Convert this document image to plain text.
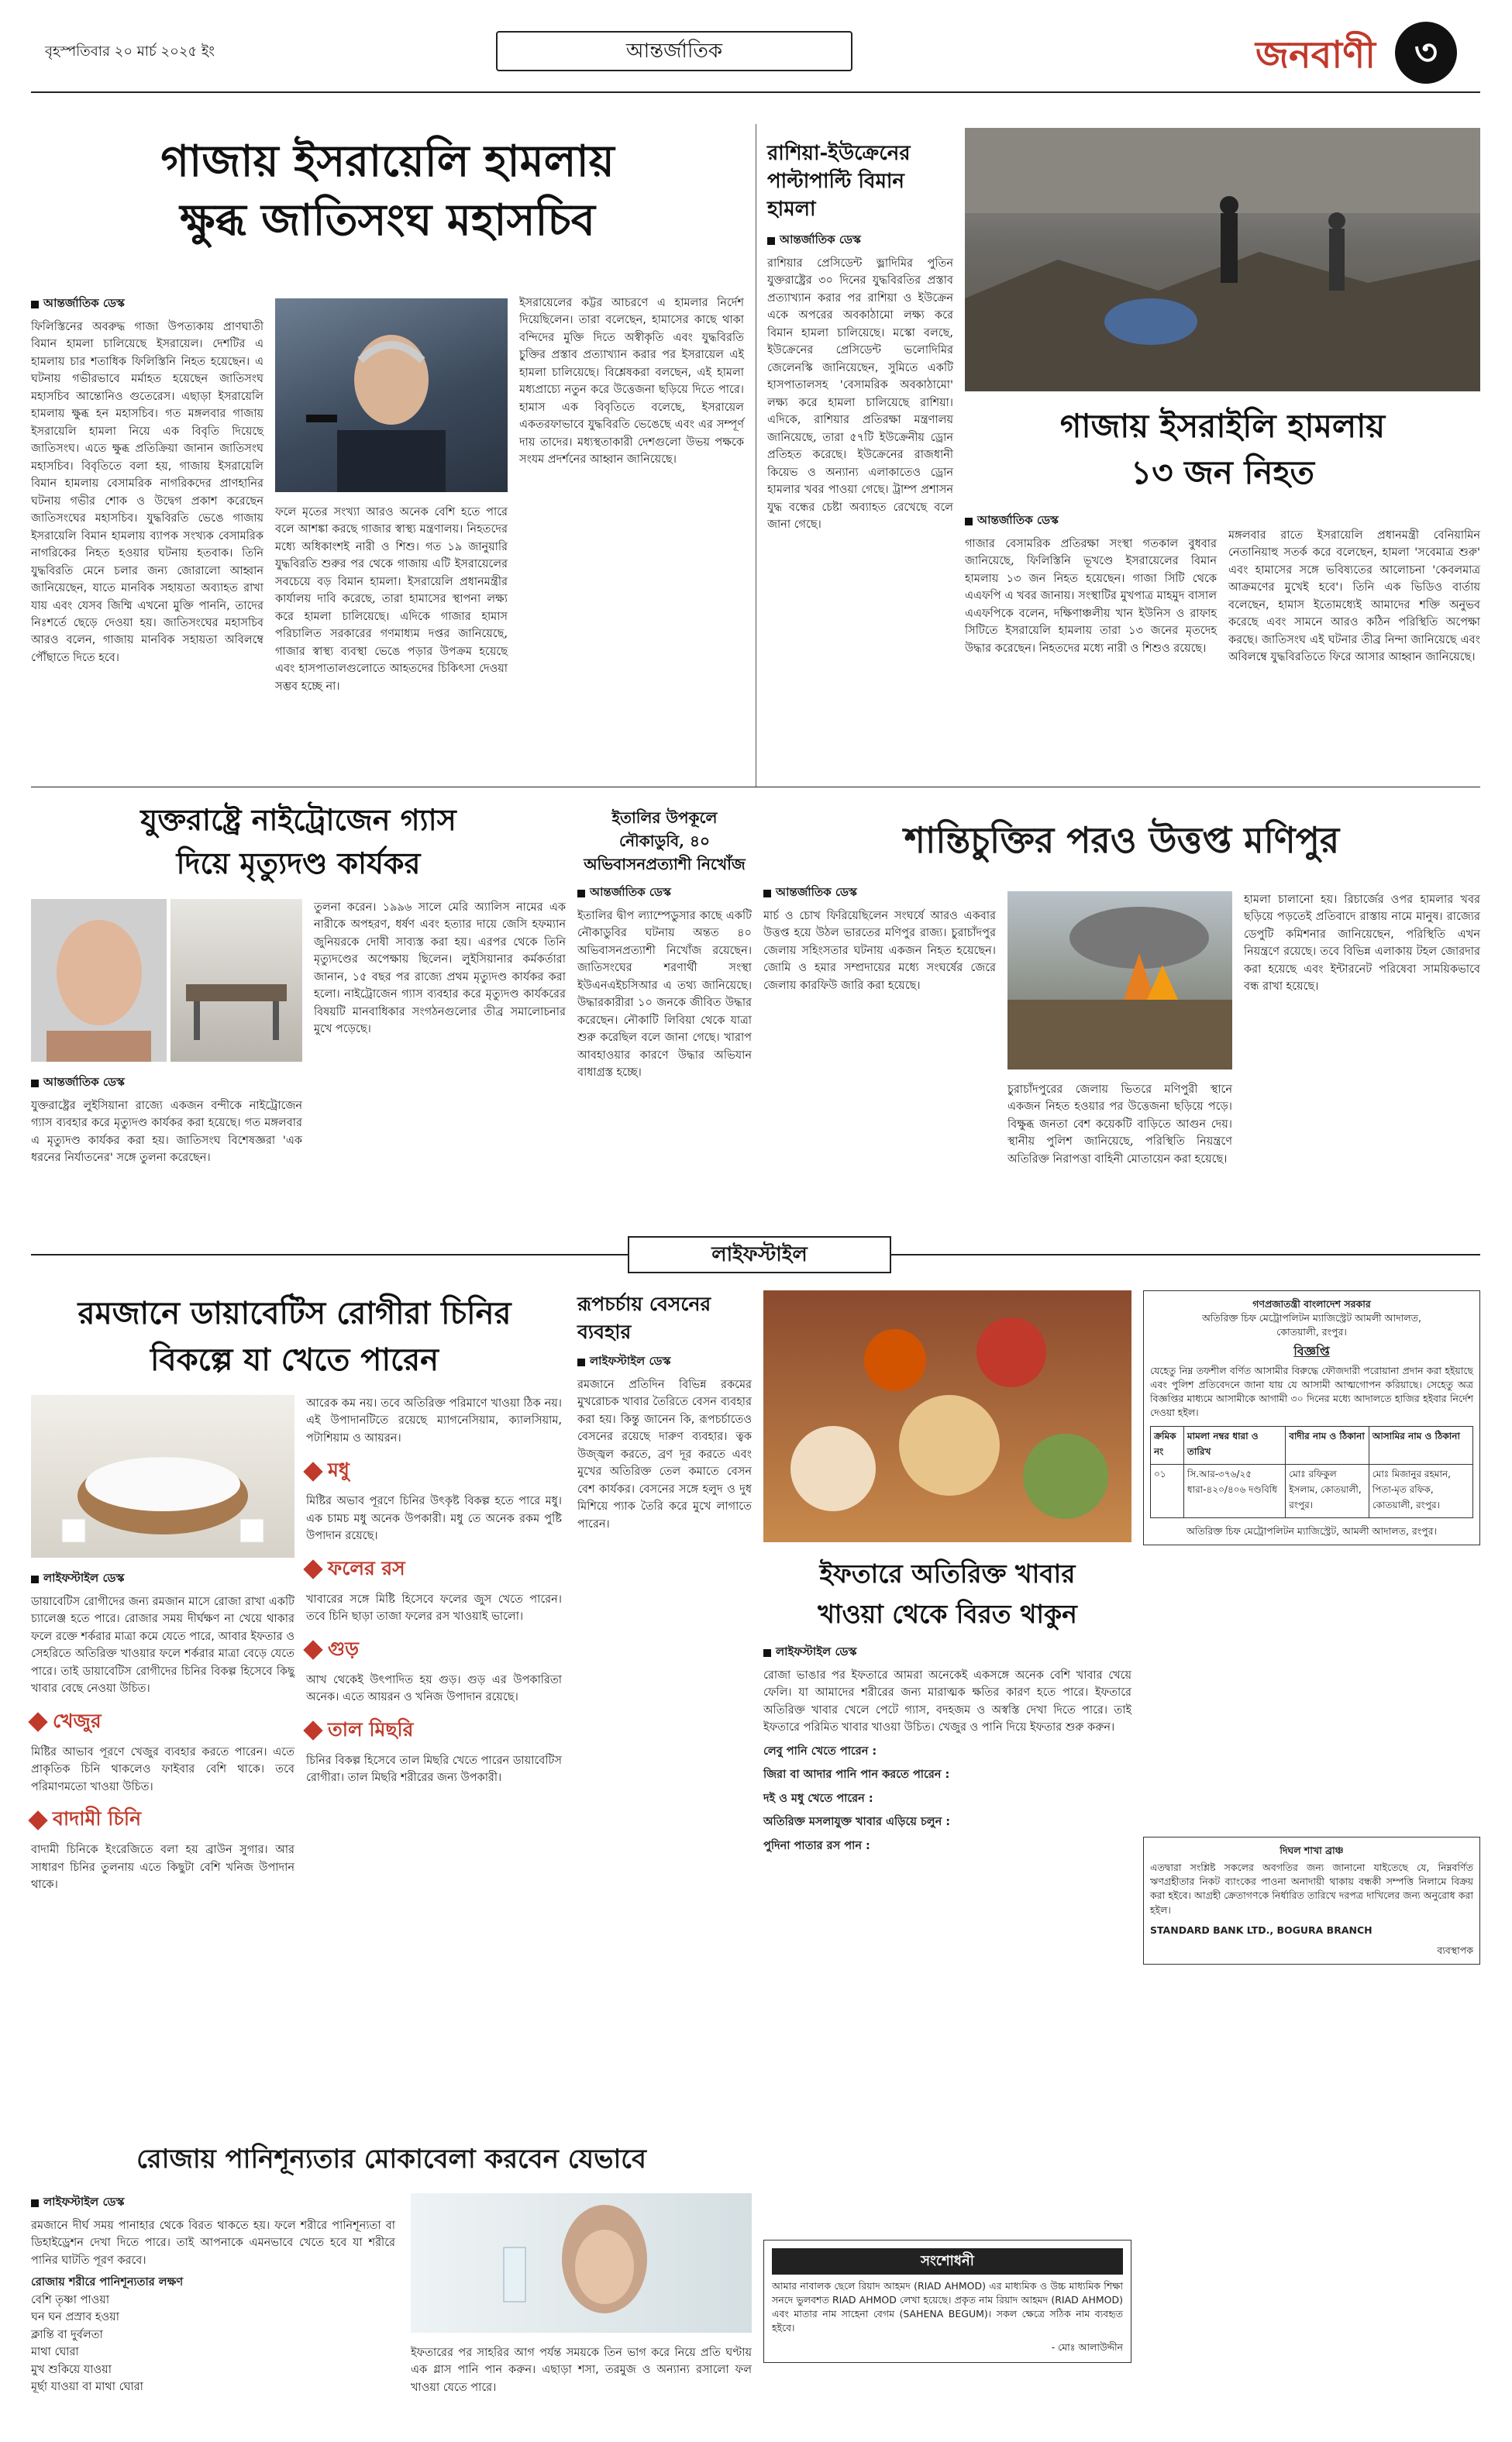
বৃহস্পতিবার ২০ মার্চ ২০২৫ ইং	আন্তর্জাতিক	জনবাণী	৩
গাজায় ইসরায়েলি হামলায়
ক্ষুব্ধ জাতিসংঘ মহাসচিব
আন্তর্জাতিক ডেস্ক
ফিলিস্তিনের অবরুদ্ধ গাজা উপত্যকায় প্রাণঘাতী বিমান হামলা চালিয়েছে ইসরায়েল। দেশটির এ হামলায় চার শতাধিক ফিলিস্তিনি নিহত হয়েছেন। এ ঘটনায় গভীরভাবে মর্মাহত হয়েছেন জাতিসংঘ মহাসচিব আন্তোনিও গুতেরেস। এছাড়া ইসরায়েলি হামলায় ক্ষুব্ধ হন মহাসচিব। গত মঙ্গলবার গাজায় ইসরায়েলি হামলা নিয়ে এক বিবৃতি দিয়েছে জাতিসংঘ। এতে ক্ষুব্ধ প্রতিক্রিয়া জানান জাতিসংঘ মহাসচিব। বিবৃতিতে বলা হয়, গাজায় ইসরায়েলি বিমান হামলায় বেসামরিক নাগরিকদের প্রাণহানির ঘটনায় গভীর শোক ও উদ্বেগ প্রকাশ করেছেন জাতিসংঘের মহাসচিব। যুদ্ধবিরতি ভেঙে গাজায় ইসরায়েলি বিমান হামলায় ব্যাপক সংখ্যক বেসামরিক নাগরিকের নিহত হওয়ার ঘটনায় হতবাক। তিনি যুদ্ধবিরতি মেনে চলার জন্য জোরালো আহ্বান জানিয়েছেন, যাতে মানবিক সহায়তা অব্যাহত রাখা যায় এবং যেসব জিম্মি এখনো মুক্তি পাননি, তাদের নিঃশর্তে ছেড়ে দেওয়া হয়। জাতিসংঘের মহাসচিব আরও বলেন, গাজায় মানবিক সহায়তা অবিলম্বে পৌঁছাতে দিতে হবে।
ফলে মৃতের সংখ্যা আরও অনেক বেশি হতে পারে বলে আশঙ্কা করছে গাজার স্বাস্থ্য মন্ত্রণালয়। নিহতদের মধ্যে অধিকাংশই নারী ও শিশু। গত ১৯ জানুয়ারি যুদ্ধবিরতি শুরুর পর থেকে গাজায় এটি ইসরায়েলের সবচেয়ে বড় বিমান হামলা। ইসরায়েলি প্রধানমন্ত্রীর কার্যালয় দাবি করেছে, তারা হামাসের স্থাপনা লক্ষ্য করে হামলা চালিয়েছে। এদিকে গাজার হামাস পরিচালিত সরকারের গণমাধ্যম দপ্তর জানিয়েছে, গাজার স্বাস্থ্য ব্যবস্থা ভেঙে পড়ার উপক্রম হয়েছে এবং হাসপাতালগুলোতে আহতদের চিকিৎসা দেওয়া সম্ভব হচ্ছে না।
ইসরায়েলের কট্টর আচরণে এ হামলার নির্দেশ দিয়েছিলেন। তারা বলেছেন, হামাসের কাছে থাকা বন্দিদের মুক্তি দিতে অস্বীকৃতি এবং যুদ্ধবিরতি চুক্তির প্রস্তাব প্রত্যাখ্যান করার পর ইসরায়েল এই হামলা চালিয়েছে। বিশ্লেষকরা বলছেন, এই হামলা মধ্যপ্রাচ্যে নতুন করে উত্তেজনা ছড়িয়ে দিতে পারে। হামাস এক বিবৃতিতে বলেছে, ইসরায়েল একতরফাভাবে যুদ্ধবিরতি ভেঙেছে এবং এর সম্পূর্ণ দায় তাদের। মধ্যস্থতাকারী দেশগুলো উভয় পক্ষকে সংযম প্রদর্শনের আহ্বান জানিয়েছে।
রাশিয়া-ইউক্রেনের পাল্টাপাল্টি বিমান হামলা
আন্তর্জাতিক ডেস্ক
রাশিয়ার প্রেসিডেন্ট ভ্লাদিমির পুতিন যুক্তরাষ্ট্রের ৩০ দিনের যুদ্ধবিরতির প্রস্তাব প্রত্যাখ্যান করার পর রাশিয়া ও ইউক্রেন একে অপরের অবকাঠামো লক্ষ্য করে বিমান হামলা চালিয়েছে। মস্কো বলছে, ইউক্রেনের প্রেসিডেন্ট ভলোদিমির জেলেনস্কি জানিয়েছেন, সুমিতে একটি হাসপাতালসহ 'বেসামরিক অবকাঠামো' লক্ষ্য করে হামলা চালিয়েছে রাশিয়া। এদিকে, রাশিয়ার প্রতিরক্ষা মন্ত্রণালয় জানিয়েছে, তারা ৫৭টি ইউক্রেনীয় ড্রোন প্রতিহত করেছে। ইউক্রেনের রাজধানী কিয়েভ ও অন্যান্য এলাকাতেও ড্রোন হামলার খবর পাওয়া গেছে। ট্রাম্প প্রশাসন যুদ্ধ বন্ধের চেষ্টা অব্যাহত রেখেছে বলে জানা গেছে।
গাজায় ইসরাইলি হামলায়
১৩ জন নিহত
আন্তর্জাতিক ডেস্ক
গাজার বেসামরিক প্রতিরক্ষা সংস্থা গতকাল বুধবার জানিয়েছে, ফিলিস্তিনি ভূখণ্ডে ইসরায়েলের বিমান হামলায় ১৩ জন নিহত হয়েছেন। গাজা সিটি থেকে এএফপি এ খবর জানায়। সংস্থাটির মুখপাত্র মাহমুদ বাসাল এএফপিকে বলেন, দক্ষিণাঞ্চলীয় খান ইউনিস ও রাফাহ সিটিতে ইসরায়েলি হামলায় তারা ১৩ জনের মৃতদেহ উদ্ধার করেছেন। নিহতদের মধ্যে নারী ও শিশুও রয়েছে।
মঙ্গলবার রাতে ইসরায়েলি প্রধানমন্ত্রী বেনিয়ামিন নেতানিয়াহু সতর্ক করে বলেছেন, হামলা 'সবেমাত্র শুরু' এবং হামাসের সঙ্গে ভবিষ্যতের আলোচনা 'কেবলমাত্র আক্রমণের মুখেই হবে'। তিনি এক ভিডিও বার্তায় বলেছেন, হামাস ইতোমধ্যেই আমাদের শক্তি অনুভব করেছে এবং সামনে আরও কঠিন পরিস্থিতি অপেক্ষা করছে। জাতিসংঘ এই ঘটনার তীব্র নিন্দা জানিয়েছে এবং অবিলম্বে যুদ্ধবিরতিতে ফিরে আসার আহ্বান জানিয়েছে।
যুক্তরাষ্ট্রে নাইট্রোজেন গ্যাস
দিয়ে মৃত্যুদণ্ড কার্যকর
আন্তর্জাতিক ডেস্ক
যুক্তরাষ্ট্রের লুইসিয়ানা রাজ্যে একজন বন্দীকে নাইট্রোজেন গ্যাস ব্যবহার করে মৃত্যুদণ্ড কার্যকর করা হয়েছে। গত মঙ্গলবার এ মৃত্যুদণ্ড কার্যকর করা হয়। জাতিসংঘ বিশেষজ্ঞরা 'এক ধরনের নির্যাতনের' সঙ্গে তুলনা করেছেন।
তুলনা করেন। ১৯৯৬ সালে মেরি অ্যালিস নামের এক নারীকে অপহরণ, ধর্ষণ এবং হত্যার দায়ে জেসি হফম্যান জুনিয়রকে দোষী সাব্যস্ত করা হয়। এরপর থেকে তিনি মৃত্যুদণ্ডের অপেক্ষায় ছিলেন। লুইসিয়ানার কর্মকর্তারা জানান, ১৫ বছর পর রাজ্যে প্রথম মৃত্যুদণ্ড কার্যকর করা হলো। নাইট্রোজেন গ্যাস ব্যবহার করে মৃত্যুদণ্ড কার্যকরের বিষয়টি মানবাধিকার সংগঠনগুলোর তীব্র সমালোচনার মুখে পড়েছে।
ইতালির উপকূলে নৌকাডুবি, ৪০ অভিবাসনপ্রত্যাশী নিখোঁজ
আন্তর্জাতিক ডেস্ক
ইতালির দ্বীপ ল্যাম্পেডুসার কাছে একটি নৌকাডুবির ঘটনায় অন্তত ৪০ অভিবাসনপ্রত্যাশী নিখোঁজ রয়েছেন। জাতিসংঘের শরণার্থী সংস্থা ইউএনএইচসিআর এ তথ্য জানিয়েছে। উদ্ধারকারীরা ১০ জনকে জীবিত উদ্ধার করেছেন। নৌকাটি লিবিয়া থেকে যাত্রা শুরু করেছিল বলে জানা গেছে। খারাপ আবহাওয়ার কারণে উদ্ধার অভিযান বাধাগ্রস্ত হচ্ছে।
শান্তিচুক্তির পরও উত্তপ্ত মণিপুর
আন্তর্জাতিক ডেস্ক
মার্চ ও চোখ ফিরিয়েছিলেন সংঘর্ষে আরও একবার উত্তপ্ত হয়ে উঠল ভারতের মণিপুর রাজ্য। চুরাচাঁদপুর জেলায় সহিংসতার ঘটনায় একজন নিহত হয়েছেন। জোমি ও হমার সম্প্রদায়ের মধ্যে সংঘর্ষের জেরে জেলায় কারফিউ জারি করা হয়েছে।
চুরাচাঁদপুরের জেলায় ভিতরে মণিপুরী স্থানে একজন নিহত হওয়ার পর উত্তেজনা ছড়িয়ে পড়ে। বিক্ষুব্ধ জনতা বেশ কয়েকটি বাড়িতে আগুন দেয়। স্থানীয় পুলিশ জানিয়েছে, পরিস্থিতি নিয়ন্ত্রণে অতিরিক্ত নিরাপত্তা বাহিনী মোতায়েন করা হয়েছে।
হামলা চালানো হয়। রিচার্জের ওপর হামলার খবর ছড়িয়ে পড়তেই প্রতিবাদে রাস্তায় নামে মানুষ। রাজ্যের ডেপুটি কমিশনার জানিয়েছেন, পরিস্থিতি এখন নিয়ন্ত্রণে রয়েছে। তবে বিভিন্ন এলাকায় টহল জোরদার করা হয়েছে এবং ইন্টারনেট পরিষেবা সাময়িকভাবে বন্ধ রাখা হয়েছে।
লাইফস্টাইল
রমজানে ডায়াবেটিস রোগীরা চিনির
বিকল্পে যা খেতে পারেন
লাইফস্টাইল ডেস্ক
ডায়াবেটিস রোগীদের জন্য রমজান মাসে রোজা রাখা একটি চ্যালেঞ্জ হতে পারে। রোজার সময় দীর্ঘক্ষণ না খেয়ে থাকার ফলে রক্তে শর্করার মাত্রা কমে যেতে পারে, আবার ইফতার ও সেহরিতে অতিরিক্ত খাওয়ার ফলে শর্করার মাত্রা বেড়ে যেতে পারে। তাই ডায়াবেটিস রোগীদের চিনির বিকল্প হিসেবে কিছু খাবার বেছে নেওয়া উচিত।
খেজুর
মিষ্টির আভাব পূরণে খেজুর ব্যবহার করতে পারেন। এতে প্রাকৃতিক চিনি থাকলেও ফাইবার বেশি থাকে। তবে পরিমাণমতো খাওয়া উচিত।
বাদামী চিনি
বাদামী চিনিকে ইংরেজিতে বলা হয় ব্রাউন সুগার। আর সাধারণ চিনির তুলনায় এতে কিছুটা বেশি খনিজ উপাদান থাকে।
আরেক কম নয়। তবে অতিরিক্ত পরিমাণে খাওয়া ঠিক নয়। এই উপাদানটিতে রয়েছে ম্যাগনেসিয়াম, ক্যালসিয়াম, পটাশিয়াম ও আয়রন।
মধু
মিষ্টির অভাব পূরণে চিনির উৎকৃষ্ট বিকল্প হতে পারে মধু। এক চামচ মধু অনেক উপকারী। মধু তে অনেক রকম পুষ্টি উপাদান রয়েছে।
ফলের রস
খাবারের সঙ্গে মিষ্টি হিসেবে ফলের জুস খেতে পারেন। তবে চিনি ছাড়া তাজা ফলের রস খাওয়াই ভালো।
গুড়
আখ থেকেই উৎপাদিত হয় গুড়। গুড় এর উপকারিতা অনেক। এতে আয়রন ও খনিজ উপাদান রয়েছে।
তাল মিছরি
চিনির বিকল্প হিসেবে তাল মিছরি খেতে পারেন ডায়াবেটিস রোগীরা। তাল মিছরি শরীরের জন্য উপকারী।
রূপচর্চায় বেসনের ব্যবহার
লাইফস্টাইল ডেস্ক
রমজানে প্রতিদিন বিভিন্ন রকমের মুখরোচক খাবার তৈরিতে বেসন ব্যবহার করা হয়। কিন্তু জানেন কি, রূপচর্চাতেও বেসনের রয়েছে দারুণ ব্যবহার। ত্বক উজ্জ্বল করতে, ব্রণ দূর করতে এবং মুখের অতিরিক্ত তেল কমাতে বেসন বেশ কার্যকর। বেসনের সঙ্গে হলুদ ও দুধ মিশিয়ে প্যাক তৈরি করে মুখে লাগাতে পারেন।
ইফতারে অতিরিক্ত খাবার
খাওয়া থেকে বিরত থাকুন
লাইফস্টাইল ডেস্ক
রোজা ভাঙার পর ইফতারে আমরা অনেকেই একসঙ্গে অনেক বেশি খাবার খেয়ে ফেলি। যা আমাদের শরীরের জন্য মারাত্মক ক্ষতির কারণ হতে পারে। ইফতারে অতিরিক্ত খাবার খেলে পেটে গ্যাস, বদহজম ও অস্বস্তি দেখা দিতে পারে। তাই ইফতারে পরিমিত খাবার খাওয়া উচিত। খেজুর ও পানি দিয়ে ইফতার শুরু করুন।
লেবু পানি খেতে পারেন :
জিরা বা আদার পানি পান করতে পারেন :
দই ও মধু খেতে পারেন :
অতিরিক্ত মসলাযুক্ত খাবার এড়িয়ে চলুন :
পুদিনা পাতার রস পান :
রোজায় পানিশূন্যতার মোকাবেলা করবেন যেভাবে
লাইফস্টাইল ডেস্ক
রমজানে দীর্ঘ সময় পানাহার থেকে বিরত থাকতে হয়। ফলে শরীরে পানিশূন্যতা বা ডিহাইড্রেশন দেখা দিতে পারে। তাই আপনাকে এমনভাবে খেতে হবে যা শরীরে পানির ঘাটতি পূরণ করবে।
রোজায় শরীরে পানিশূন্যতার লক্ষণ
বেশি তৃষ্ণা পাওয়া
ঘন ঘন প্রস্রাব হওয়া
ক্লান্তি বা দুর্বলতা
মাথা ঘোরা
মুখ শুকিয়ে যাওয়া
মূর্ছা যাওয়া বা মাথা ঘোরা
ইফতারের পর সাহরির আগ পর্যন্ত সময়কে তিন ভাগ করে নিয়ে প্রতি ঘণ্টায় এক গ্লাস পানি পান করুন। এছাড়া শসা, তরমুজ ও অন্যান্য রসালো ফল খাওয়া যেতে পারে।
গণপ্রজাতন্ত্রী বাংলাদেশ সরকার
অতিরিক্ত চিফ মেট্রোপলিটন ম্যাজিস্ট্রেট আমলী আদালত,
কোতয়ালী, রংপুর।
বিজ্ঞপ্তি
যেহেতু নিম্ন তফশীল বর্ণিত আসামীর বিরুদ্ধে ফৌজদারী পরোয়ানা প্রদান করা হইয়াছে এবং পুলিশ প্রতিবেদনে জানা যায় যে আসামী আত্মগোপন করিয়াছে। সেহেতু অত্র বিজ্ঞপ্তির মাধ্যমে আসামীকে আগামী ৩০ দিনের মধ্যে আদালতে হাজির হইবার নির্দেশ দেওয়া হইল।
ক্রমিক নং	মামলা নম্বর ধারা ও তারিখ	বাদীর নাম ও ঠিকানা	আসামির নাম ও ঠিকানা
০১	সি.আর-৩৭৬/২৫ ধারা-৪২০/৪০৬ দণ্ডবিধি	মোঃ রফিকুল ইসলাম, কোতয়ালী, রংপুর।	মোঃ মিজানুর রহমান, পিতা-মৃত রফিক, কোতয়ালী, রংপুর।
অতিরিক্ত চিফ মেট্রোপলিটন ম্যাজিস্ট্রেট, আমলী আদালত, রংপুর।
দিঘল শাখা ব্রাঞ্চ
এতদ্বারা সংশ্লিষ্ট সকলের অবগতির জন্য জানানো যাইতেছে যে, নিম্নবর্ণিত ঋণগ্রহীতার নিকট ব্যাংকের পাওনা অনাদায়ী থাকায় বন্ধকী সম্পত্তি নিলামে বিক্রয় করা হইবে। আগ্রহী ক্রেতাগণকে নির্ধারিত তারিখে দরপত্র দাখিলের জন্য অনুরোধ করা হইল।
STANDARD BANK LTD., BOGURA BRANCH
ব্যবস্থাপক
সংশোধনী
আমার নাবালক ছেলে রিয়াদ আহমদ (RIAD AHMOD) এর মাধ্যমিক ও উচ্চ মাধ্যমিক শিক্ষা সনদে ভুলবশত RIAD AHMOD লেখা হয়েছে। প্রকৃত নাম রিয়াদ আহমদ (RIAD AHMOD) এবং মাতার নাম সাহেনা বেগম (SAHENA BEGUM)। সকল ক্ষেত্রে সঠিক নাম ব্যবহৃত হইবে।
- মোঃ আলাউদ্দীন
